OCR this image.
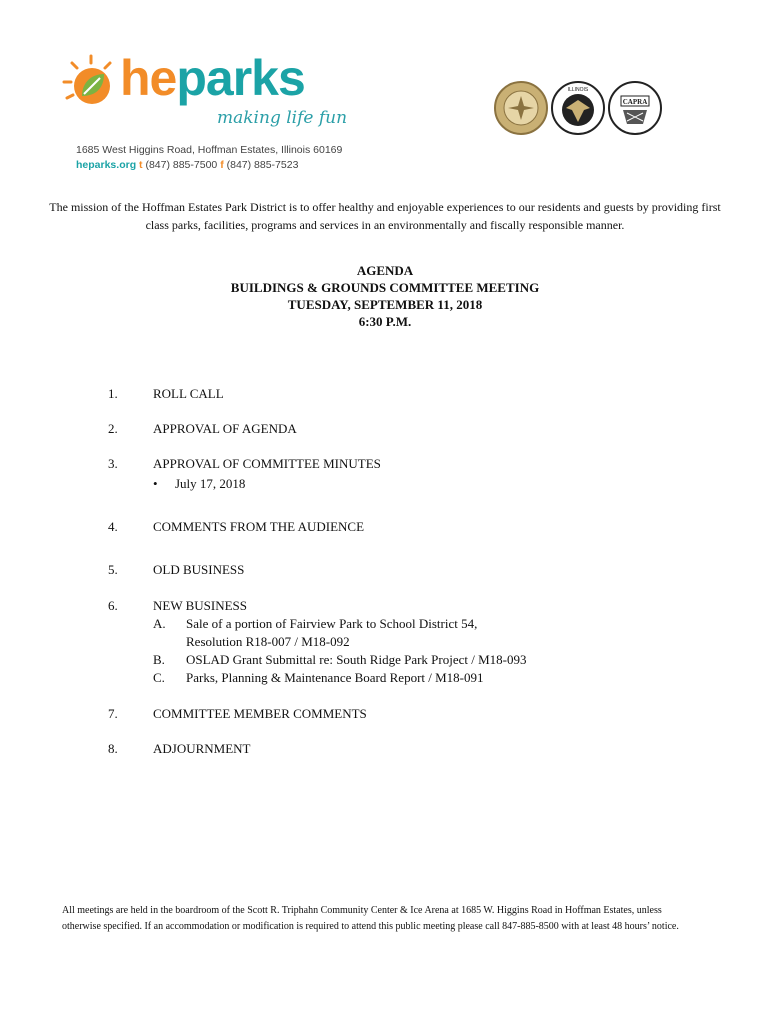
heparks
making life fun
1685 West Higgins Road, Hoffman Estates, Illinois 60169
heparks.org t (847) 885-7500 f (847) 885-7523
ILLINOIS
CAPRA
The mission of the Hoffman Estates Park District is to offer healthy and enjoyable experiences to our residents and guests by providing first class parks, facilities, programs and services in an environmentally and fiscally responsible manner.
AGENDA
BUILDINGS & GROUNDS COMMITTEE MEETING
TUESDAY, SEPTEMBER 11, 2018
6:30 P.M.
1.	ROLL CALL
2.	APPROVAL OF AGENDA
3.	APPROVAL OF COMMITTEE MINUTES
• July 17, 2018
4.	COMMENTS FROM THE AUDIENCE
5.	OLD BUSINESS
6.	NEW BUSINESS
A. Sale of a portion of Fairview Park to School District 54,
Resolution R18-007 / M18-092
B. OSLAD Grant Submittal re: South Ridge Park Project / M18-093
C. Parks, Planning & Maintenance Board Report / M18-091
7.	COMMITTEE MEMBER COMMENTS
8.	ADJOURNMENT
All meetings are held in the boardroom of the Scott R. Triphahn Community Center & Ice Arena at 1685 W. Higgins Road in Hoffman Estates, unless otherwise specified. If an accommodation or modification is required to attend this public meeting please call 847-885-8500 with at least 48 hours’ notice.
